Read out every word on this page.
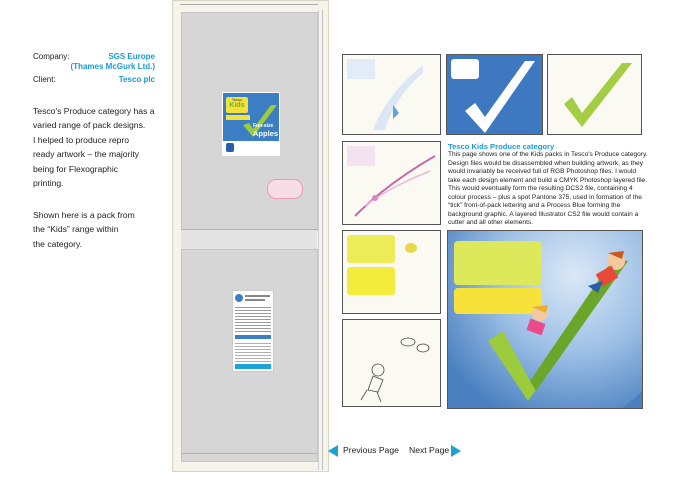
Company:	SGS Europe
(Thames McGurk Ltd.)
Client:	Tesco plc
Tesco's Produce category has a
varied range of pack designs.
I helped to produce repro
ready artwork – the majority
being for Flexographic
printing.
Shown here is a pack from
the “Kids” range within
the category.
Tesco
Kids
Fun-size
Apples
Tesco Kids Produce category
This page shows one of the Kids packs in Tesco's Produce category.
Design files would be disassembled when building artwork, as they
would invariably be received full of RGB Photoshop files. I would
take each design element and build a CMYK Photoshop layered file.
This would eventually form the resulting DCS2 file, containing 4
colour process – plus a spot Pantone 375, used in formation of the
“tick” front-of-pack lettering and a Process Blue forming the
background graphic. A layered Illustrator CS2 file would contain a
cutter and all other elements.
Previous Page Next Page
